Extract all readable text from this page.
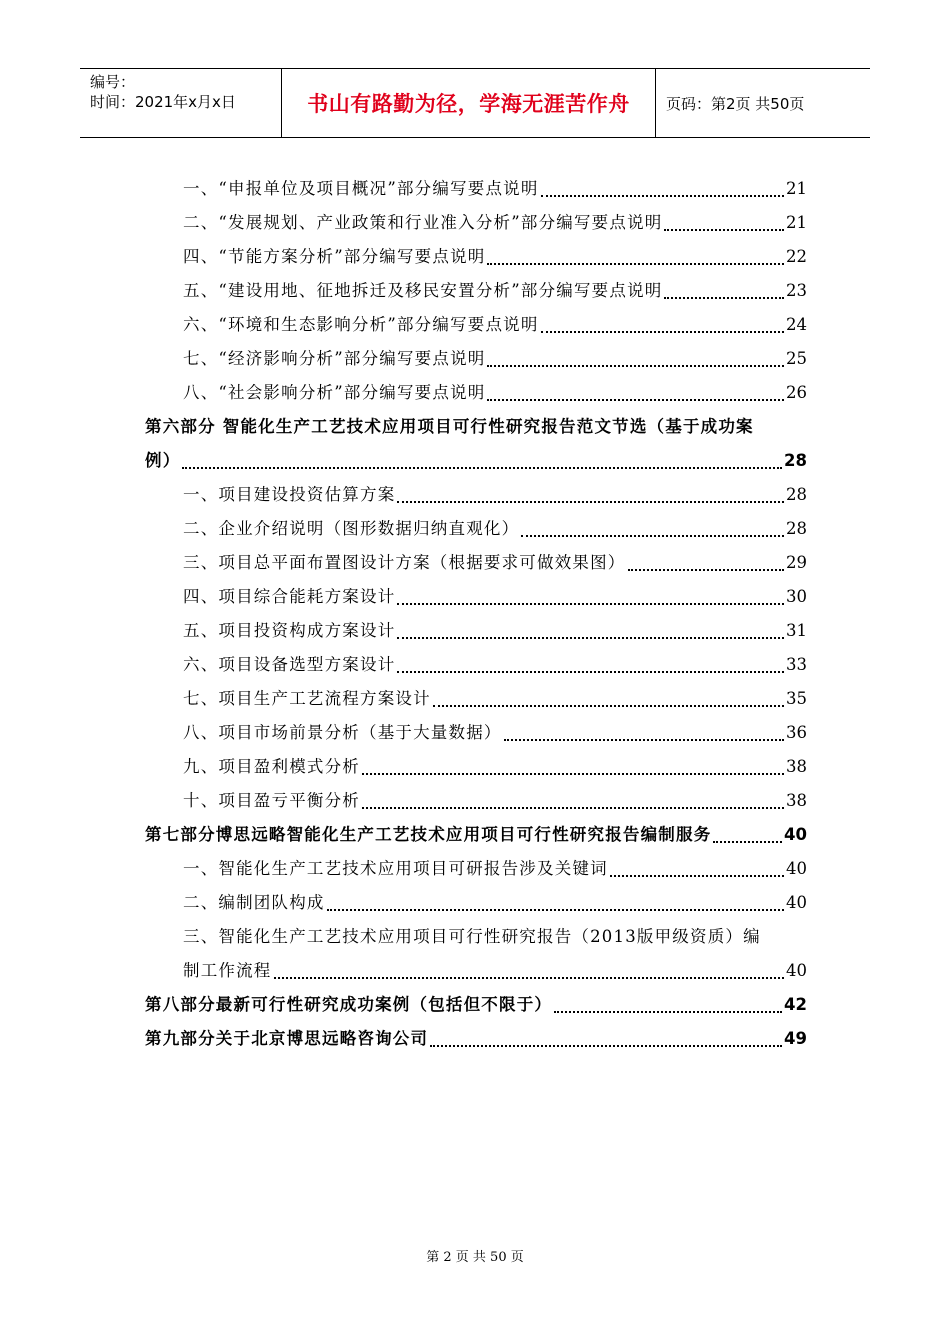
编号：
时间：2021年x月x日	书山有路勤为径，学海无涯苦作舟 页码：第2页 共50页
一、“申报单位及项目概况”部分编写要点说明	21
二、“发展规划、产业政策和行业准入分析”部分编写要点说明	21
四、“节能方案分析”部分编写要点说明	22
五、“建设用地、征地拆迁及移民安置分析”部分编写要点说明	23
六、“环境和生态影响分析”部分编写要点说明	24
七、“经济影响分析”部分编写要点说明	25
八、“社会影响分析”部分编写要点说明	26
第六部分 智能化生产工艺技术应用项目可行性研究报告范文节选（基于成功案
例）	28
一、项目建设投资估算方案	28
二、企业介绍说明（图形数据归纳直观化）	28
三、项目总平面布置图设计方案（根据要求可做效果图）	29
四、项目综合能耗方案设计	30
五、项目投资构成方案设计	31
六、项目设备选型方案设计	33
七、项目生产工艺流程方案设计	35
八、项目市场前景分析（基于大量数据）	36
九、项目盈利模式分析	38
十、项目盈亏平衡分析	38
第七部分博思远略智能化生产工艺技术应用项目可行性研究报告编制服务	40
一、智能化生产工艺技术应用项目可研报告涉及关键词	40
二、编制团队构成	40
三、智能化生产工艺技术应用项目可行性研究报告（2013版甲级资质）编
制工作流程	40
第八部分最新可行性研究成功案例（包括但不限于）	42
第九部分关于北京博思远略咨询公司	49
第 2 页 共 50 页
